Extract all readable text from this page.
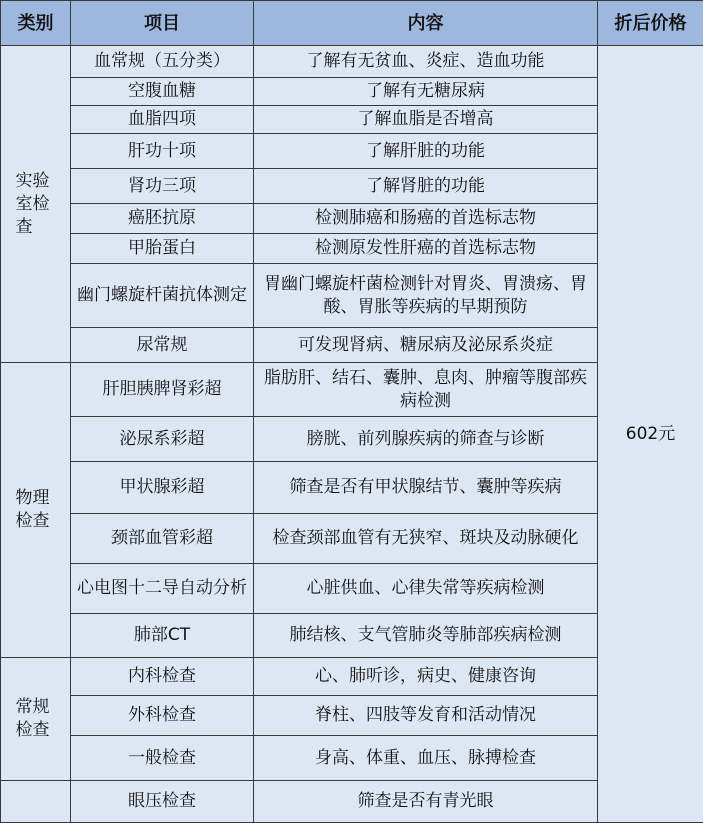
类别	项目	内容	折后价格
实验室检查	血常规（五分类）	了解有无贫血、炎症、造血功能	602元
	空腹血糖	了解有无糖尿病	
	血脂四项	了解血脂是否增高	
	肝功十项	了解肝脏的功能	
	肾功三项	了解肾脏的功能	
	癌胚抗原	检测肺癌和肠癌的首选标志物	
	甲胎蛋白	检测原发性肝癌的首选标志物	
	幽门螺旋杆菌抗体测定	胃幽门螺旋杆菌检测针对胃炎、胃溃疡、胃酸、胃胀等疾病的早期预防	
	尿常规	可发现肾病、糖尿病及泌尿系炎症	
物理检查	肝胆胰脾肾彩超	脂肪肝、结石、囊肿、息肉、肿瘤等腹部疾病检测	
	泌尿系彩超	膀胱、前列腺疾病的筛查与诊断	
	甲状腺彩超	筛查是否有甲状腺结节、囊肿等疾病	
	颈部血管彩超	检查颈部血管有无狭窄、斑块及动脉硬化	
	心电图十二导自动分析	心脏供血、心律失常等疾病检测	
	肺部CT	肺结核、支气管肺炎等肺部疾病检测	
常规检查	内科检查	心、肺听诊，病史、健康咨询	
	外科检查	脊柱、四肢等发育和活动情况	
	一般检查	身高、体重、血压、脉搏检查	
	眼压检查	筛查是否有青光眼	
